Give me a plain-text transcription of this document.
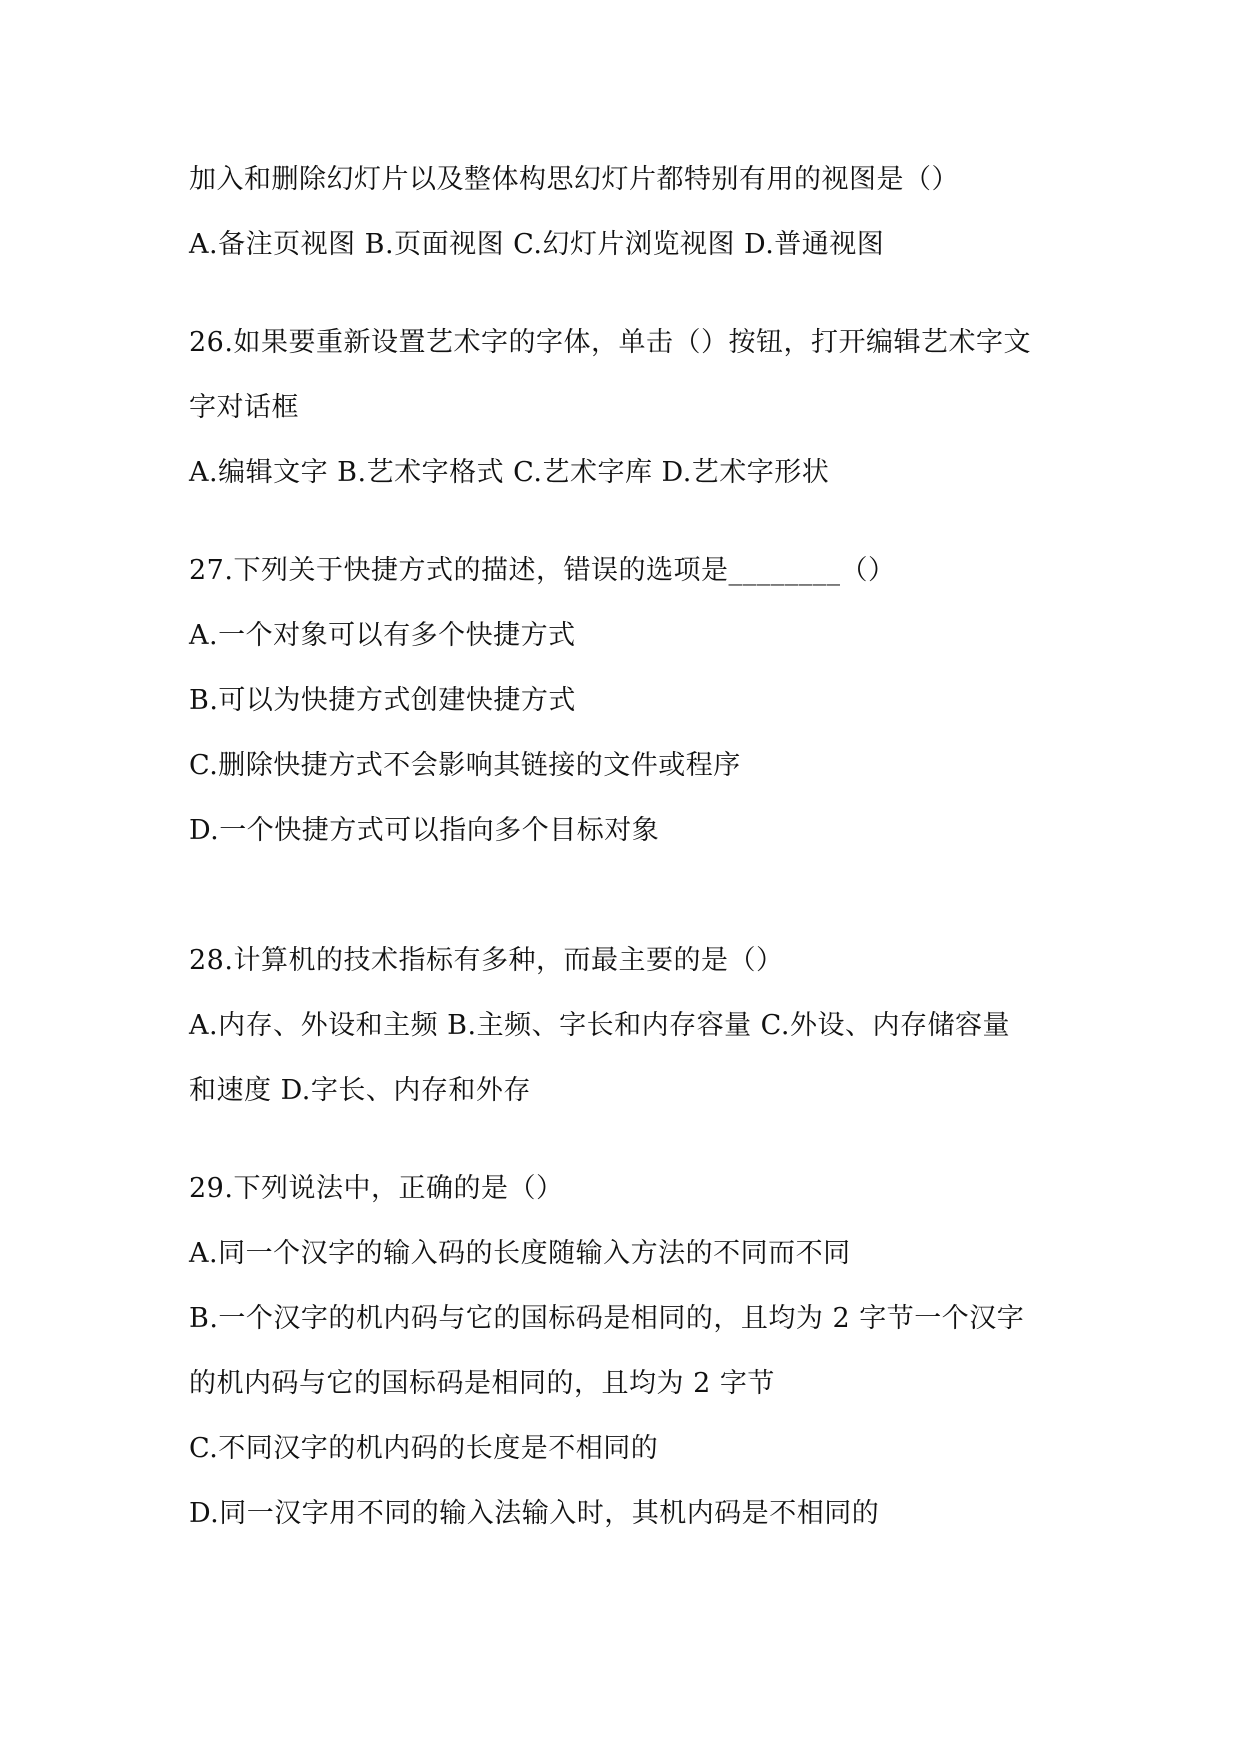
加入和删除幻灯片以及整体构思幻灯片都特别有用的视图是（）
A.备注页视图 B.页面视图 C.幻灯片浏览视图 D.普通视图
26.如果要重新设置艺术字的字体，单击（）按钮，打开编辑艺术字文
字对话框
A.编辑文字 B.艺术字格式 C.艺术字库 D.艺术字形状
27.下列关于快捷方式的描述，错误的选项是________（）
A.一个对象可以有多个快捷方式
B.可以为快捷方式创建快捷方式
C.删除快捷方式不会影响其链接的文件或程序
D.一个快捷方式可以指向多个目标对象
28.计算机的技术指标有多种，而最主要的是（）
A.内存、外设和主频 B.主频、字长和内存容量 C.外设、内存储容量
和速度 D.字长、内存和外存
29.下列说法中，正确的是（）
A.同一个汉字的输入码的长度随输入方法的不同而不同
B.一个汉字的机内码与它的国标码是相同的，且均为 2 字节一个汉字
的机内码与它的国标码是相同的，且均为 2 字节
C.不同汉字的机内码的长度是不相同的
D.同一汉字用不同的输入法输入时，其机内码是不相同的
